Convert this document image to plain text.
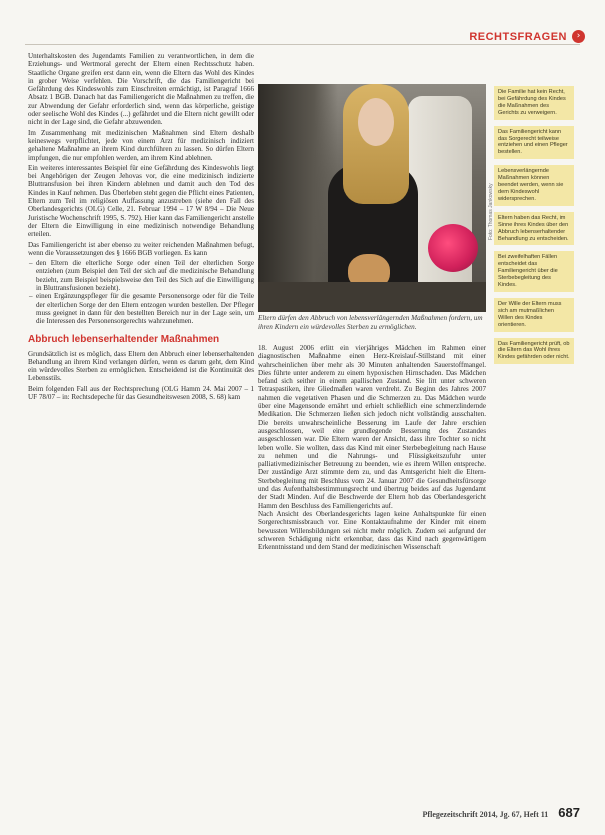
RECHTSFRAGEN	›

Unterhaltskosten des Jugendamts Familien zu verantwortlichen, in dem die Erziehungs- und Wertmoral gerecht der Eltern einen Rechtsschutz haben. Staatliche Organe greifen erst dann ein, wenn die Eltern das Wohl des Kindes in grober Weise verfehlen. Die Vorschrift, die das Familiengericht bei Gefährdung des Kindeswohls zum Einschreiten ermächtigt, ist Paragraf 1666 Absatz 1 BGB. Danach hat das Familiengericht die Maßnahmen zu treffen, die zur Abwendung der Gefahr erforderlich sind, wenn das körperliche, geistige oder seelische Wohl des Kindes (...) gefährdet und die Eltern nicht gewillt oder nicht in der Lage sind, die Gefahr abzuwenden.

Im Zusammenhang mit medizinischen Maßnahmen sind Eltern deshalb keineswegs verpflichtet, jede von einem Arzt für medizinisch indiziert gehaltene Maßnahme an ihrem Kind durchführen zu lassen. So dürfen Eltern impfungen, die nur empfohlen werden, am ihrem Kind ablehnen.

Ein weiteres interessantes Beispiel für eine Gefährdung des Kindeswohls liegt bei Angehörigen der Zeugen Jehovas vor, die eine medizinisch indizierte Bluttransfusion bei ihren Kindern ablehnen und damit auch den Tod des Kindes in Kauf nehmen. Das Überleben steht gegen die Pflicht eines Patienten, Eltern zum Teil im religiösen Auffassung anzustreben (siehe den Fall des Oberlandesgerichts (OLG) Celle, 21. Februar 1994 – 17 W 8/94 – Die Neue Juristische Wochenschrift 1995, S. 792). Hier kann das Familiengericht anstelle der Eltern die Einwilligung in eine medizinisch notwendige Behandlung erteilen.

Das Familiengericht ist aber ebenso zu weiter reichenden Maßnahmen befugt, wenn die Voraussetzungen des § 1666 BGB vorliegen. Es kann

– den Eltern die elterliche Sorge oder einen Teil der elterlichen Sorge entziehen (zum Beispiel den Teil der sich auf die medizinische Behandlung bezieht, zum Beispiel beispielsweise den Teil des Sich auf die Einwilligung in Bluttransfusionen bezieht).
– einen Ergänzungspfleger für die gesamte Personensorge oder für die Teile der elterlichen Sorge der den Eltern entzogen wurden bestellen. Der Pfleger muss geeignet in dann für den bestellten Bereich nur in der Lage sein, um die Interessen des Personensorgerechts wahrzunehmen.
Abbruch lebenserhaltender Maßnahmen

Grundsätzlich ist es möglich, dass Eltern den Abbruch einer lebenserhaltenden Behandlung an ihrem Kind verlangen dürfen, wenn es darum geht, dem Kind ein würdevolles Sterben zu ermöglichen. Entscheidend ist die Kontinuität des Lebensstils.

Beim folgenden Fall aus der Rechtsprechung (OLG Hamm 24. Mai 2007 – 1 UF 78/07 – in: Rechtsdepeche für das Gesundheitswesen 2008, S. 68) kam

Foto: Thomas Jankowsky
Eltern dürfen den Abbruch von lebensverlängernden Maßnahmen fordern, um ihren Kindern ein würdevolles Sterben zu ermöglichen.

18. August 2006 erlitt ein vierjähriges Mädchen im Rahmen einer diagnostischen Maßnahme einen Herz-Kreislauf-Stillstand mit einer wahrscheinlichen über mehr als 30 Minuten anhaltenden Sauerstoffmangel. Dies führte unter anderem zu einem hypoxischen Hirnschaden. Das Mädchen befand sich seither in einem apallischen Zustand. Sie litt unter schweren Tetraspastiken, ihre Gliedmaßen waren verdreht. Zu Beginn des Jahres 2007 nahmen die vegetativen Phasen und die Schmerzen zu. Das Mädchen wurde über eine Magensonde ernährt und erhielt schließlich eine schmerzlindernde Medikation. Die Schmerzen ließen sich jedoch nicht vollständig ausschalten. Die bereits unwahrscheinliche Besserung im Laufe der Jahre erschien ausgeschlossen, weil eine grundlegende Besserung des Zustandes ausgeschlossen war. Die Eltern waren der Ansicht, dass ihre Tochter so nicht leben wolle. Sie wollten, dass das Kind mit einer Sterbebegleitung nach Hause zu nehmen und die Nahrungs- und Flüssigkeitszufuhr unter palliativmedizinischer Betreuung zu beenden, wie es ihrem Willen entspreche. Der zuständige Arzt stimmte dem zu, und das Amtsgericht hielt die Eltern-Sterbebegleitung mit Beschluss vom 24. Januar 2007 die Gesundheitsfürsorge und das Aufenthaltsbestimmungsrecht und übertrug beides auf das Jugendamt der Stadt Minden. Auf die Beschwerde der Eltern hob das Oberlandesgericht Hamm den Beschluss des Familiengerichts auf.

Nach Ansicht des Oberlandesgerichts lagen keine Anhaltspunkte für einen Sorgerechtsmissbrauch vor. Eine Kontaktaufnahme der Kinder mit einem bewussten Willensbildungen sei nicht mehr möglich. Zudem sei aufgrund der schweren Schädigung nicht erkennbar, dass das Kind nach gegenwärtigem Erkenntnisstand und dem Stand der medizinischen Wissenschaft

Die Familie hat kein Recht, bei Gefährdung des Kindes die Maßnahmen des Gerichts zu verweigern.
Das Familiengericht kann das Sorgerecht teilweise entziehen und einen Pfleger bestellen.
Lebensverlängernde Maßnahmen können beendet werden, wenn sie dem Kindeswohl widersprechen.
Eltern haben das Recht, im Sinne ihres Kindes über den Abbruch lebenserhaltender Behandlung zu entscheiden.
Bei zweifelhaften Fällen entscheidet das Familiengericht über die Sterbebegleitung des Kindes.
Der Wille der Eltern muss sich am mutmaßlichen Willen des Kindes orientieren.
Das Familiengericht prüft, ob die Eltern das Wohl ihres Kindes gefährden oder nicht.
Pflegezeitschrift 2014, Jg. 67, Heft 11 687
